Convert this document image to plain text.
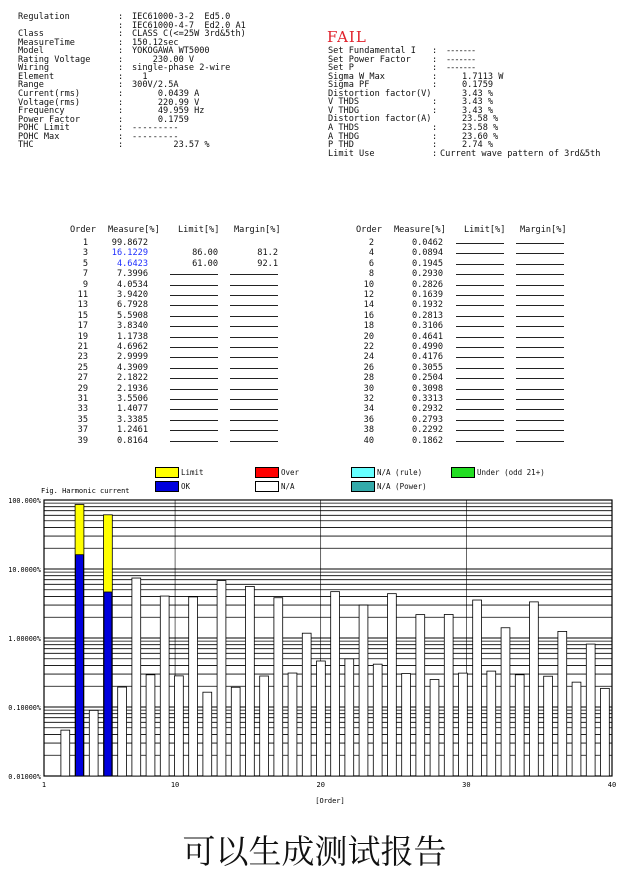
Regulation	: IEC61000-3-2  Ed5.0
: IEC61000-4-7  Ed2.0 A1
Class	: CLASS C(<=25W 3rd&5th)
MeasureTime	: 150.12sec
Model	: YOKOGAWA WT5000
Rating Voltage	: 230.00 V
Wiring	: single-phase 2-wire
Element	: 1
Range	: 300V/2.5A
Current(rms)	: 0.0439 A
Voltage(rms)	: 220.99 V
Frequency	: 49.959 Hz
Power Factor	: 0.1759
POHC Limit	: ---------
POHC Max	: ---------
THC	: 23.57 %
FAIL
Set Fundamental I : -------
Set Power Factor : -------
Set P	: -------
Sigma W Max	:	1.7113 W
Sigma PF	:	0.1759
Distortion factor(V)	3.43 %
V THDS	:	3.43 %
V THDG	:	3.43 %
Distortion factor(A)	23.58 %
A THDS	:	23.58 %
A THDG	:	23.60 %
P THD	:	2.74 %
Limit Use	: Current wave pattern of 3rd&5th
Order Measure[%] Limit[%] Margin[%]
1	99.8672
3	16.1229	86.00	81.2
5	4.6423	61.00	92.1
7	7.3996
9	4.0534
11	3.9420
13	6.7928
15	5.5908
17	3.8340
19	1.1738
21	4.6962
23	2.9999
25	4.3909
27	2.1822
29	2.1936
31	3.5506
33	1.4077
35	3.3385
37	1.2461
39	0.8164
Order Measure[%] Limit[%] Margin[%]
2	0.0462
4	0.0894
6	0.1945
8	0.2930
10	0.2826
12	0.1639
14	0.1932
16	0.2813
18	0.3106
20	0.4641
22	0.4990
24	0.4176
26	0.3055
28	0.2504
30	0.3098
32	0.3313
34	0.2932
36	0.2793
38	0.2292
40	0.1862
Limit	Over	N/A (rule)	Under (odd 21+)
OK	N/A	N/A (Power)
Fig. Harmonic current
100.000%
10.0000%
1.00000%
0.10000%
0.01000%
1	10	20	30	40
[Order]
可以生成测试报告
